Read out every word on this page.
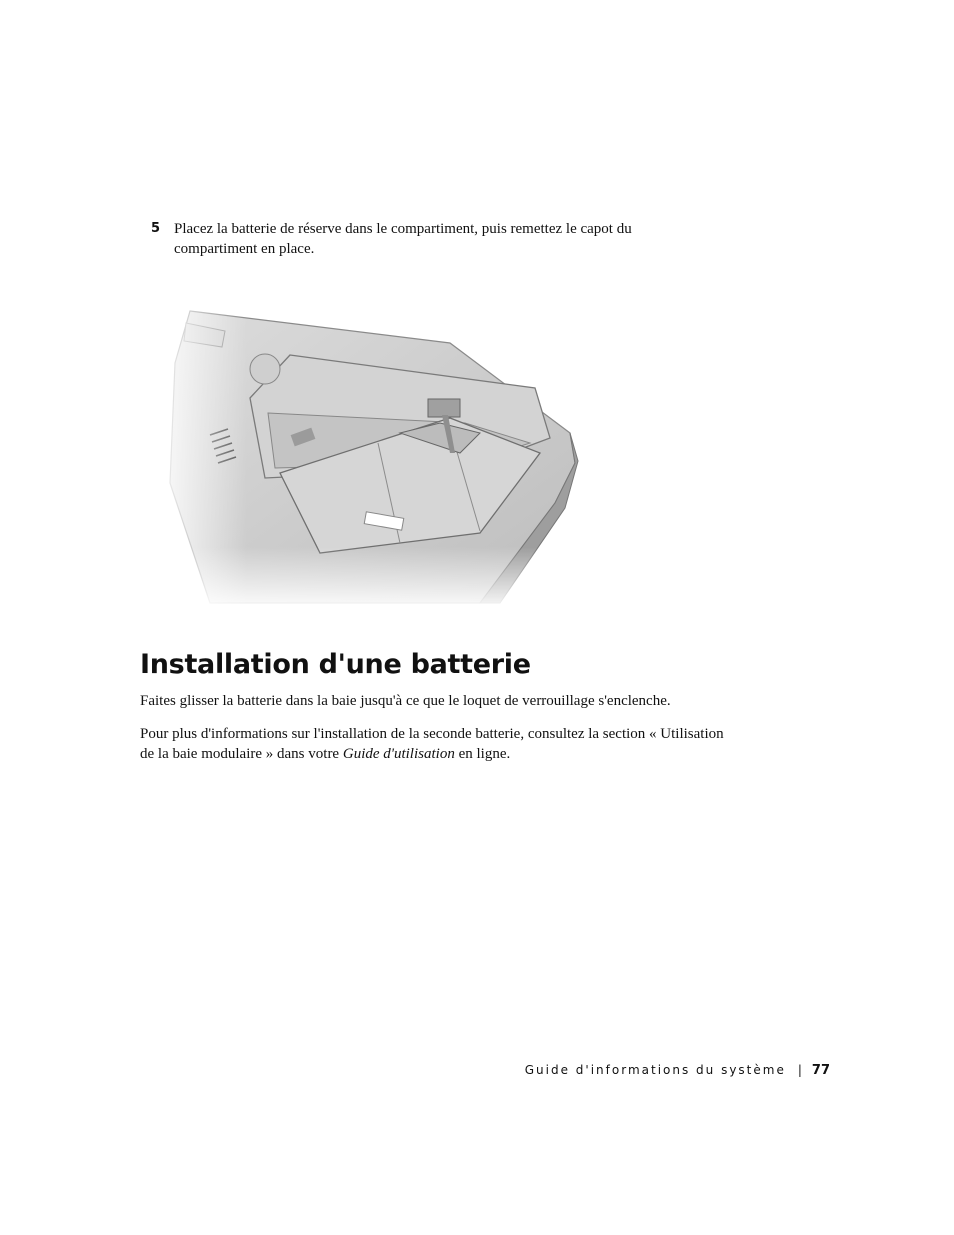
5 Placez la batterie de réserve dans le compartiment, puis remettez le capot du compartiment en place.
Installation d'une batterie

Faites glisser la batterie dans la baie jusqu'à ce que le loquet de verrouillage s'enclenche.

Pour plus d'informations sur l'installation de la seconde batterie, consultez la section « Utilisation de la baie modulaire » dans votre Guide d'utilisation en ligne.

Guide d'informations du système | 77
